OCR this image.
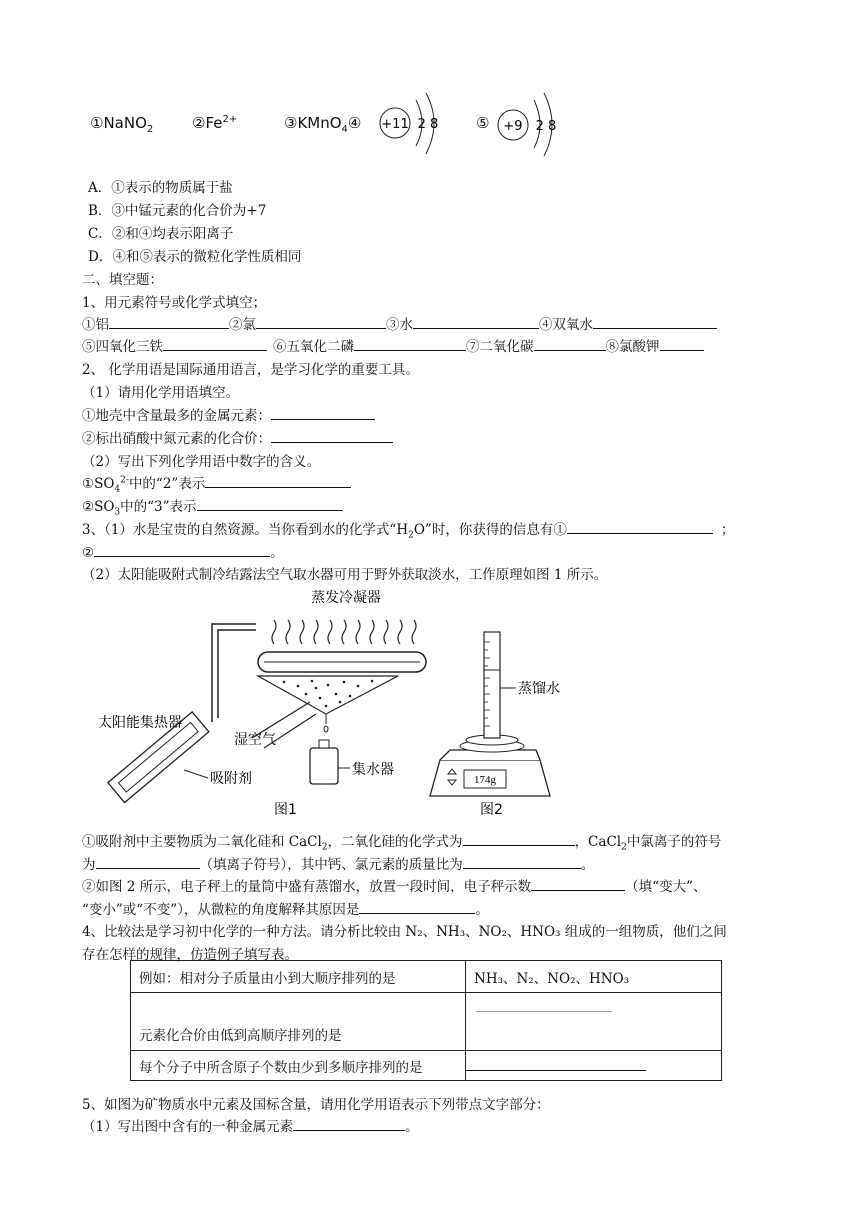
①NaNO$_2$	$②Fe^{2+}$	③KMnO$_4$④ +11 2 8	⑤ +9 2 8
A．①表示的物质属于盐
B．③中锰元素的化合价为+7
C．②和④均表示阳离子
D．④和⑤表示的微粒化学性质相同
二、填空题：
1、用元素符号或化学式填空；
①铝	②氯	③水	④双氧水
⑤四氧化三铁	⑥五氧化二磷	⑦二氧化碳	⑧氯酸钾
2、 化学用语是国际通用语言，是学习化学的重要工具。
（1）请用化学用语填空。
①地壳中含量最多的金属元素：
②标出硝酸中氮元素的化合价：
（2）写出下列化学用语中数字的含义。
$①SO_4^{2-}$中的“2”表示
$②SO_3$中的“3”表示
3、（1）水是宝贵的自然资源。当你看到水的化学式“$H_2O$”时，你获得的信息有①	；
②	。
（2）太阳能吸附式制冷结露法空气取水器可用于野外获取淡水，工作原理如图 1 所示。
蒸发冷凝器
湿空气
集水器
太阳能集热器
吸附剂
图1
174g
蒸馏水
图2
①吸附剂中主要物质为二氧化硅和 CaCl$_2$，二氧化硅的化学式为	，CaCl$_2$中氯离子的符号
为	（填离子符号），其中钙、氯元素的质量比为	。
②如图 2 所示，电子秤上的量筒中盛有蒸馏水，放置一段时间，电子秤示数	（填“变大”、
“变小”或“不变”），从微粒的角度解释其原因是	。
4、比较法是学习初中化学的一种方法。请分析比较由 N₂、NH₃、NO₂、HNO₃ 组成的一组物质，他们之间
存在怎样的规律，仿造例子填写表。
例如：相对分子质量由小到大顺序排列的是	NH₃、N₂、NO₂、HNO₃
元素化合价由低到高顺序排列的是	

每个分子中所含原子个数由少到多顺序排列的是	
5、如图为矿物质水中元素及国标含量，请用化学用语表示下列带点文字部分：
（1）写出图中含有的一种金属元素	。
